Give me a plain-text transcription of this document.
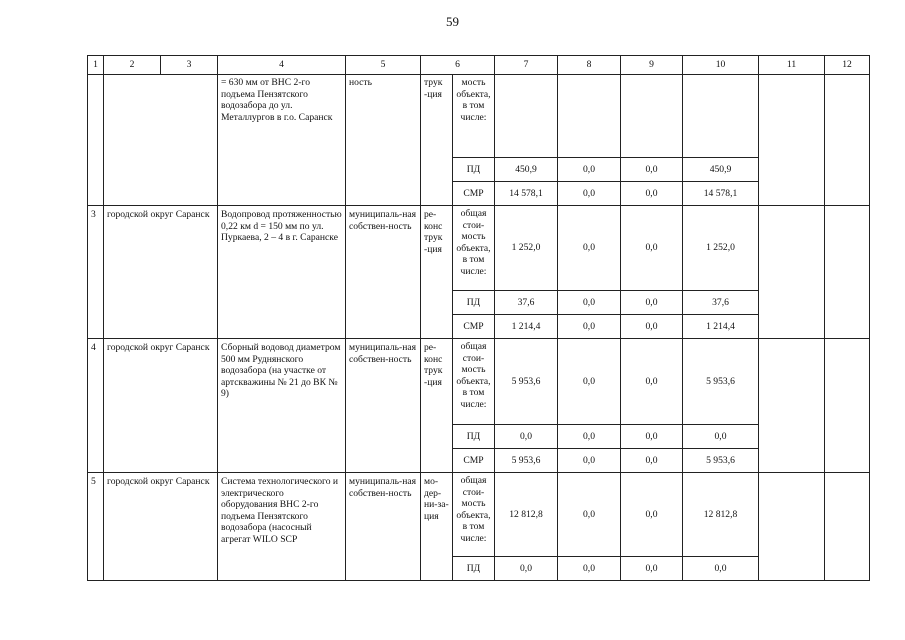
59
1	2	3	4	5	6		7	8	9	10	11	12
			= 630 мм от ВНС 2-го подъема Пензятского водозабора до ул. Металлургов в г.о. Саранск	ность	трук -ция	мость объекта, в том числе:						
						ПД	450,9	0,0	0,0	450,9		
						СМР	14 578,1	0,0	0,0	14 578,1		
3	городской округ Саранск		Водопровод протяженностью 0,22 км d = 150 мм по ул. Пуркаева, 2 – 4 в г. Саранске	муниципаль-ная собствен-ность	ре-конс трук -ция	общая стои-мость объекта, в том числе:	1 252,0	0,0	0,0	1 252,0		
						ПД	37,6	0,0	0,0	37,6		
						СМР	1 214,4	0,0	0,0	1 214,4		
4	городской округ Саранск		Сборный водовод диаметром 500 мм Руднянского водозабора (на участке от артскважины № 21 до ВК № 9)	муниципаль-ная собствен-ность	ре-конс трук -ция	общая стои-мость объекта, в том числе:	5 953,6	0,0	0,0	5 953,6		
						ПД	0,0	0,0	0,0	0,0		
						СМР	5 953,6	0,0	0,0	5 953,6		
5	городской округ Саранск		Система технологического и электрического оборудования ВНС 2-го подъема Пензятского водозабора (насосный агрегат WILO SCP	муниципаль-ная собствен-ность	мо-дер-ни-за-ция	общая стои-мость объекта, в том числе:	12 812,8	0,0	0,0	12 812,8		
						ПД	0,0	0,0	0,0	0,0		
